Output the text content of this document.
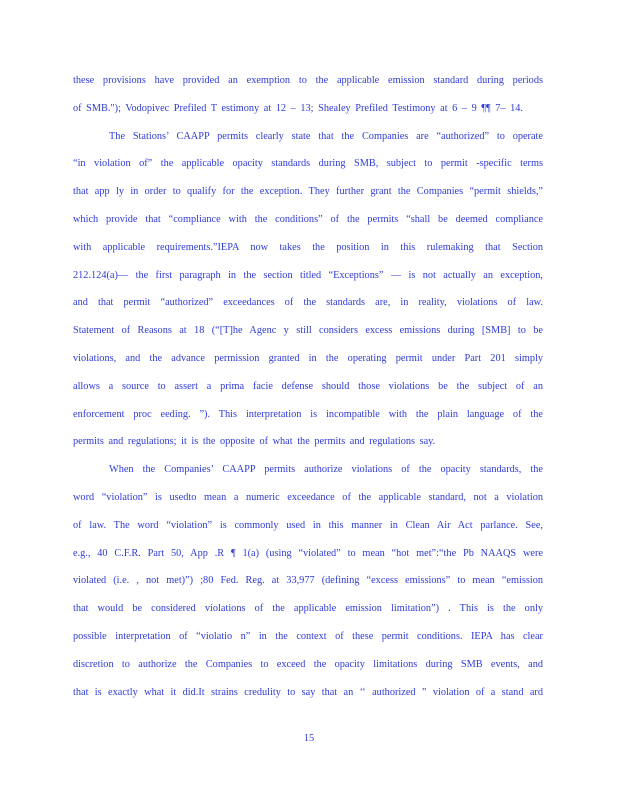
these provisions have provided an exemption to the applicable emission standard during periods
of SMB."); Vodopivec Prefiled T estimony at 12 – 13; Shealey Prefiled Testimony at 6 – 9 ¶¶ 7– 14.
The Stations’ CAAPP permits clearly state that the Companies are “authorized” to operate
“in violation of” the applicable opacity standards during SMB, subject to permit -specific terms
that app ly in order to qualify for the exception. They further grant the Companies “permit shields,”
which provide that “compliance with the conditions” of the permits “shall be deemed compliance
with applicable requirements.”IEPA now takes the position in this rulemaking that Section
212.124(a)— the first paragraph in the section titled “Exceptions” — is not actually an exception,
and that permit “authorized” exceedances of the standards are, in reality, violations of law.
Statement of Reasons at 18 (“[T]he Agenc y still considers excess emissions during [SMB] to be
violations, and the advance permission granted in the operating permit under Part 201 simply
allows a source to assert a prima facie defense should those violations be the subject of an
enforcement proc eeding. ”). This interpretation is incompatible with the plain language of the
permits and regulations; it is the opposite of what the permits and regulations say.
When the Companies’ CAAPP permits authorize violations of the opacity standards, the
word “violation” is usedto mean a numeric exceedance of the applicable standard, not a violation
of law. The word “violation” is commonly used in this manner in Clean Air Act parlance. See,
e.g., 40 C.F.R. Part 50, App .R ¶ 1(a) (using “violated” to mean “hot met”:“the Pb NAAQS were
violated (i.e. , not met)”) ;80 Fed. Reg. at 33,977 (defining “excess emissions” to mean “emission
that would be considered violations of the applicable emission limitation”) . This is the only
possible interpretation of “violatio n” in the context of these permit conditions. IEPA has clear
discretion to authorize the Companies to exceed the opacity limitations during SMB events, and
that is exactly what it did.It strains credulity to say that an ‘‘ authorized ” violation of a stand ard
15
